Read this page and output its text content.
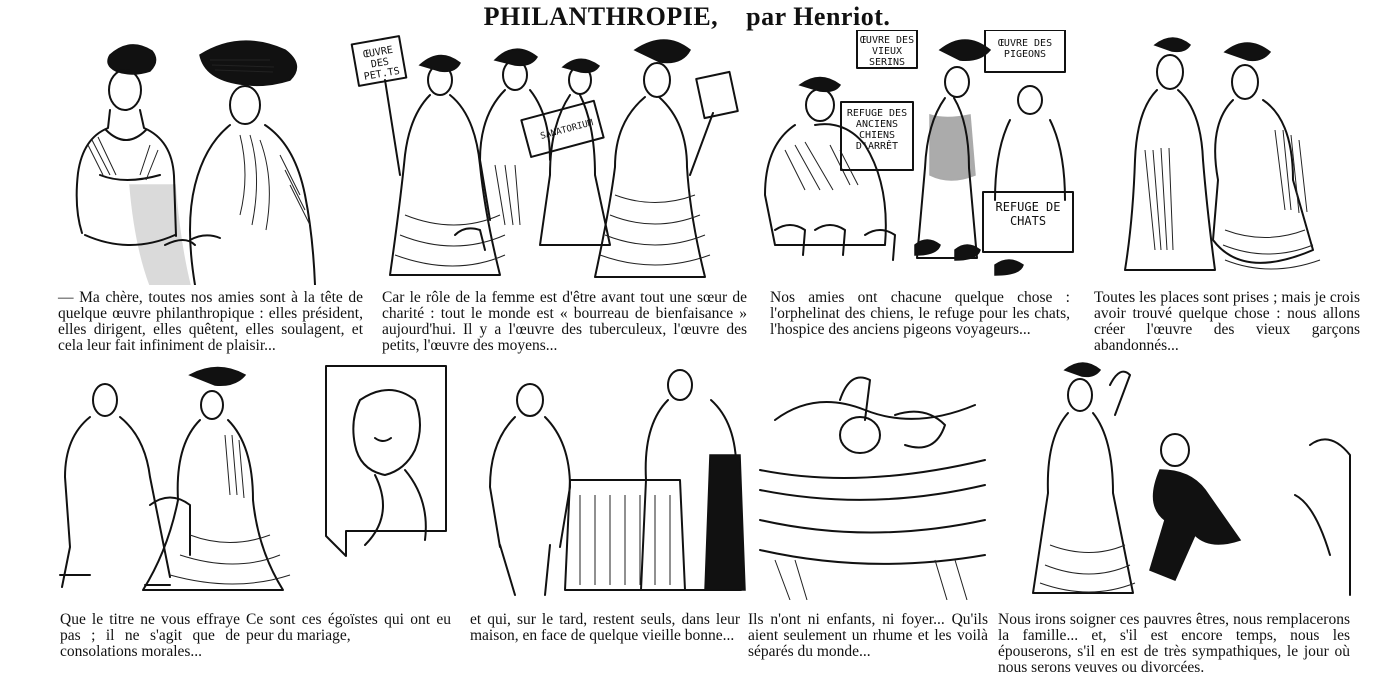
PHILANTHROPIE, par Henriot.
ŒUVRE DES PET.TS
SANATORIUM
ŒUVRE DES VIEUX SERINS
ŒUVRE DES PIGEONS
REFUGE DES ANCIENS CHIENS D'ARRÊT
REFUGE DE CHATS
— Ma chère, toutes nos amies sont à la tête de quelque œuvre philanthropique : elles président, elles dirigent, elles quêtent, elles soulagent, et cela leur fait infiniment de plaisir...
Car le rôle de la femme est d'être avant tout une sœur de charité : tout le monde est « bourreau de bienfaisance » aujourd'hui. Il y a l'œuvre des tuberculeux, l'œuvre des petits, l'œuvre des moyens...
Nos amies ont chacune quelque chose : l'orphelinat des chiens, le refuge pour les chats, l'hospice des anciens pigeons voyageurs...
Toutes les places sont prises ; mais je crois avoir trouvé quelque chose : nous allons créer l'œuvre des vieux garçons abandonnés...
Que le titre ne vous effraye pas ; il ne s'agit que de consolations morales...
Ce sont ces égoïstes qui ont eu peur du mariage,
et qui, sur le tard, restent seuls, dans leur maison, en face de quelque vieille bonne...
Ils n'ont ni enfants, ni foyer... Qu'ils aient seulement un rhume et les voilà séparés du monde...
Nous irons soigner ces pauvres êtres, nous remplacerons la famille... et, s'il est encore temps, nous les épouserons, s'il en est de très sympathiques, le jour où nous serons veuves ou divorcées.
